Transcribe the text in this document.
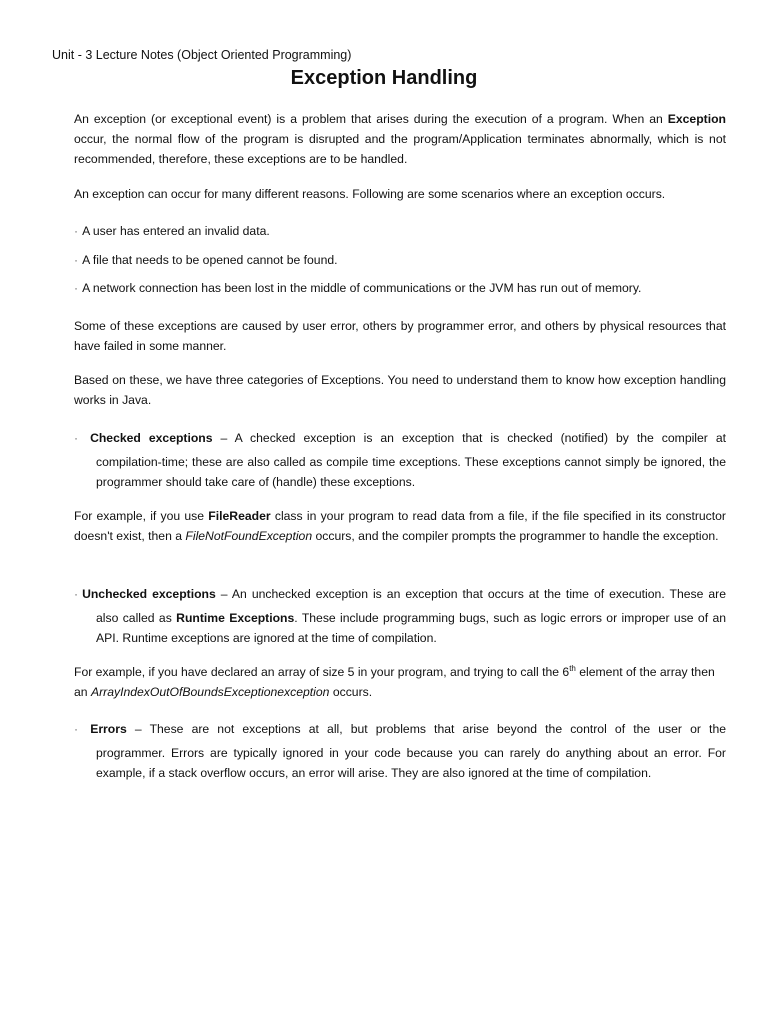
Unit - 3 Lecture Notes (Object Oriented Programming)
Exception Handling

An exception (or exceptional event) is a problem that arises during the execution of a program. When an Exception occur, the normal flow of the program is disrupted and the program/Application terminates abnormally, which is not recommended, therefore, these exceptions are to be handled.

An exception can occur for many different reasons. Following are some scenarios where an exception occurs.

· A user has entered an invalid data.

· A file that needs to be opened cannot be found.

· A network connection has been lost in the middle of communications or the JVM has run out of memory.

Some of these exceptions are caused by user error, others by programmer error, and others by physical resources that have failed in some manner.

Based on these, we have three categories of Exceptions. You need to understand them to know how exception handling works in Java.

· Checked exceptions – A checked exception is an exception that is checked (notified) by the compiler at
compilation-time; these are also called as compile time exceptions. These exceptions cannot simply be ignored, the programmer should take care of (handle) these exceptions.

For example, if you use FileReader class in your program to read data from a file, if the file specified in its constructor doesn't exist, then a FileNotFoundException occurs, and the compiler prompts the programmer to handle the exception.

· Unchecked exceptions – An unchecked exception is an exception that occurs at the time of execution. These are
also called as Runtime Exceptions. These include programming bugs, such as logic errors or improper use of an API. Runtime exceptions are ignored at the time of compilation.

For example, if you have declared an array of size 5 in your program, and trying to call the 6th element of the array then an ArrayIndexOutOfBoundsExceptionexception occurs.

· Errors – These are not exceptions at all, but problems that arise beyond the control of the user or the
programmer. Errors are typically ignored in your code because you can rarely do anything about an error. For example, if a stack overflow occurs, an error will arise. They are also ignored at the time of compilation.
